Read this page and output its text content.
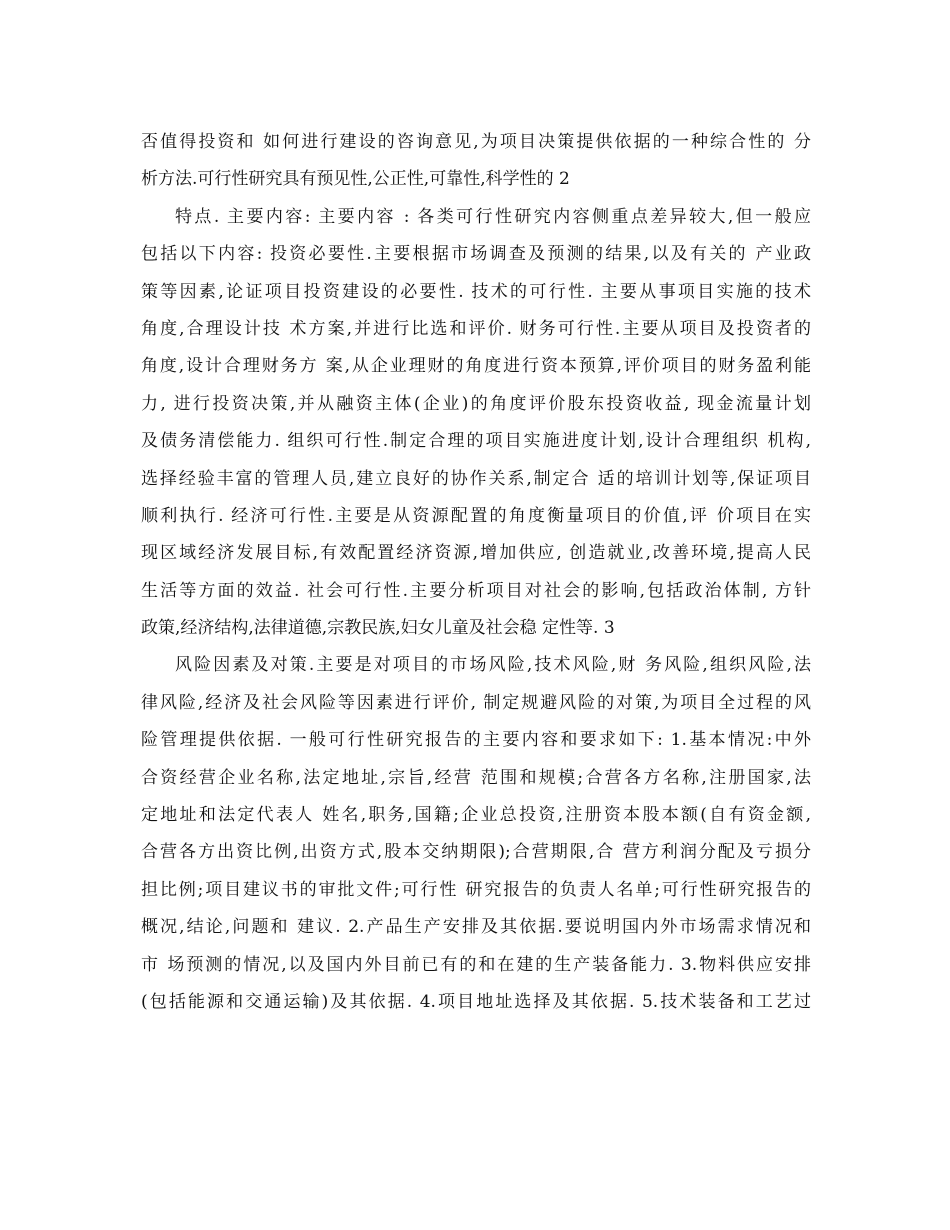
否值得投资和 如何进行建设的咨询意见,为项目决策提供依据的一种综合性的 分
析方法.可行性研究具有预见性,公正性,可靠性,科学性的 2
特点. 主要内容: 主要内容 : 各类可行性研究内容侧重点差异较大,但一般应
包括以下内容: 投资必要性.主要根据市场调查及预测的结果,以及有关的 产业政
策等因素,论证项目投资建设的必要性. 技术的可行性. 主要从事项目实施的技术
角度,合理设计技 术方案,并进行比选和评价. 财务可行性.主要从项目及投资者的
角度,设计合理财务方 案,从企业理财的角度进行资本预算,评价项目的财务盈利能
力, 进行投资决策,并从融资主体(企业)的角度评价股东投资收益, 现金流量计划
及债务清偿能力. 组织可行性.制定合理的项目实施进度计划,设计合理组织 机构,
选择经验丰富的管理人员,建立良好的协作关系,制定合 适的培训计划等,保证项目
顺利执行. 经济可行性.主要是从资源配置的角度衡量项目的价值,评 价项目在实
现区域经济发展目标,有效配置经济资源,增加供应, 创造就业,改善环境,提高人民
生活等方面的效益. 社会可行性.主要分析项目对社会的影响,包括政治体制, 方针
政策,经济结构,法律道德,宗教民族,妇女儿童及社会稳 定性等. 3
风险因素及对策.主要是对项目的市场风险,技术风险,财 务风险,组织风险,法
律风险,经济及社会风险等因素进行评价, 制定规避风险的对策,为项目全过程的风
险管理提供依据. 一般可行性研究报告的主要内容和要求如下: 1.基本情况:中外
合资经营企业名称,法定地址,宗旨,经营 范围和规模;合营各方名称,注册国家,法
定地址和法定代表人 姓名,职务,国籍;企业总投资,注册资本股本额(自有资金额,
合营各方出资比例,出资方式,股本交纳期限);合营期限,合 营方利润分配及亏损分
担比例;项目建议书的审批文件;可行性 研究报告的负责人名单;可行性研究报告的
概况,结论,问题和 建议. 2.产品生产安排及其依据.要说明国内外市场需求情况和
市 场预测的情况,以及国内外目前已有的和在建的生产装备能力. 3.物料供应安排
(包括能源和交通运输)及其依据. 4.项目地址选择及其依据. 5.技术装备和工艺过
